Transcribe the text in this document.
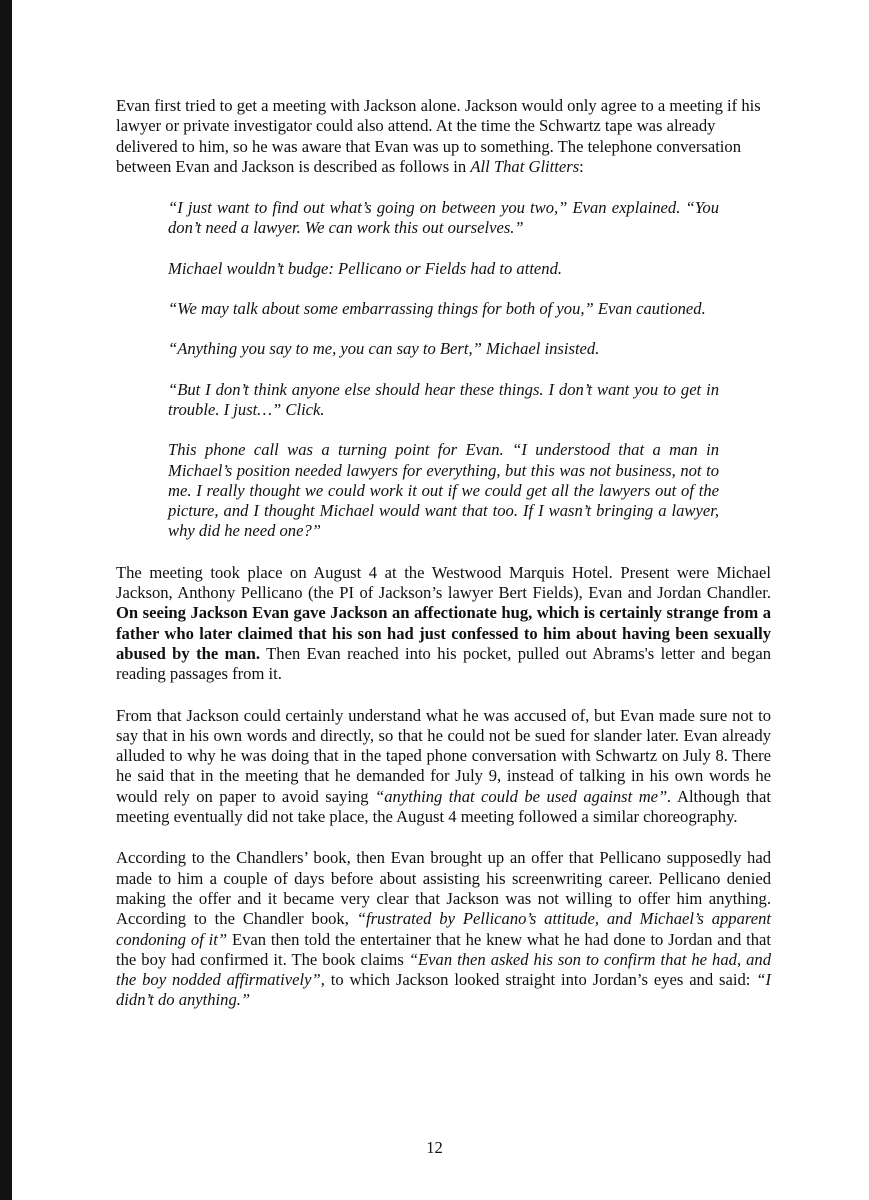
Evan first tried to get a meeting with Jackson alone. Jackson would only agree to a meeting if his lawyer or private investigator could also attend. At the time the Schwartz tape was already delivered to him, so he was aware that Evan was up to something. The telephone conversation between Evan and Jackson is described as follows in All That Glitters:

“I just want to find out what’s going on between you two,” Evan explained. “You don’t need a lawyer. We can work this out ourselves.”

Michael wouldn’t budge: Pellicano or Fields had to attend.

“We may talk about some embarrassing things for both of you,” Evan cautioned.

“Anything you say to me, you can say to Bert,” Michael insisted.

“But I don’t think anyone else should hear these things. I don’t want you to get in trouble. I just…” Click.

This phone call was a turning point for Evan. “I understood that a man in Michael’s position needed lawyers for everything, but this was not business, not to me. I really thought we could work it out if we could get all the lawyers out of the picture, and I thought Michael would want that too. If I wasn’t bringing a lawyer, why did he need one?”

The meeting took place on August 4 at the Westwood Marquis Hotel. Present were Michael Jackson, Anthony Pellicano (the PI of Jackson’s lawyer Bert Fields), Evan and Jordan Chandler. On seeing Jackson Evan gave Jackson an affectionate hug, which is certainly strange from a father who later claimed that his son had just confessed to him about having been sexually abused by the man. Then Evan reached into his pocket, pulled out Abrams's letter and began reading passages from it.

From that Jackson could certainly understand what he was accused of, but Evan made sure not to say that in his own words and directly, so that he could not be sued for slander later. Evan already alluded to why he was doing that in the taped phone conversation with Schwartz on July 8. There he said that in the meeting that he demanded for July 9, instead of talking in his own words he would rely on paper to avoid saying “anything that could be used against me”. Although that meeting eventually did not take place, the August 4 meeting followed a similar choreography.

According to the Chandlers’ book, then Evan brought up an offer that Pellicano supposedly had made to him a couple of days before about assisting his screenwriting career. Pellicano denied making the offer and it became very clear that Jackson was not willing to offer him anything. According to the Chandler book, “frustrated by Pellicano’s attitude, and Michael’s apparent condoning of it” Evan then told the entertainer that he knew what he had done to Jordan and that the boy had confirmed it. The book claims “Evan then asked his son to confirm that he had, and the boy nodded affirmatively”, to which Jackson looked straight into Jordan’s eyes and said: “I didn’t do anything.”

12
